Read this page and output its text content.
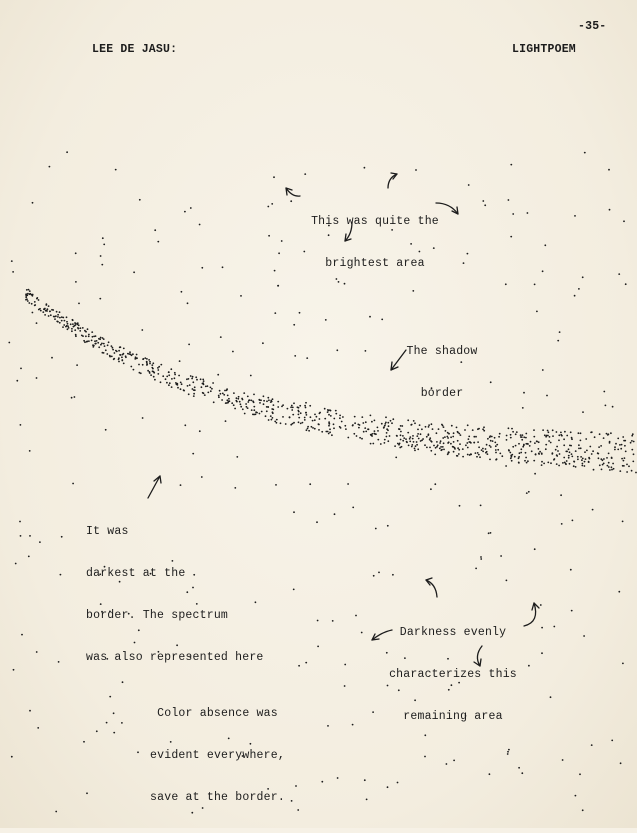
-35-
LEE DE JASU:	LIGHTPOEM

This was quite the

brightest area

The shadow

border

It was

darkest at the

border. The spectrum

was also represented here

Darkness evenly

characterizes this

remaining area

Color absence was

evident everywhere,

save at the border.
